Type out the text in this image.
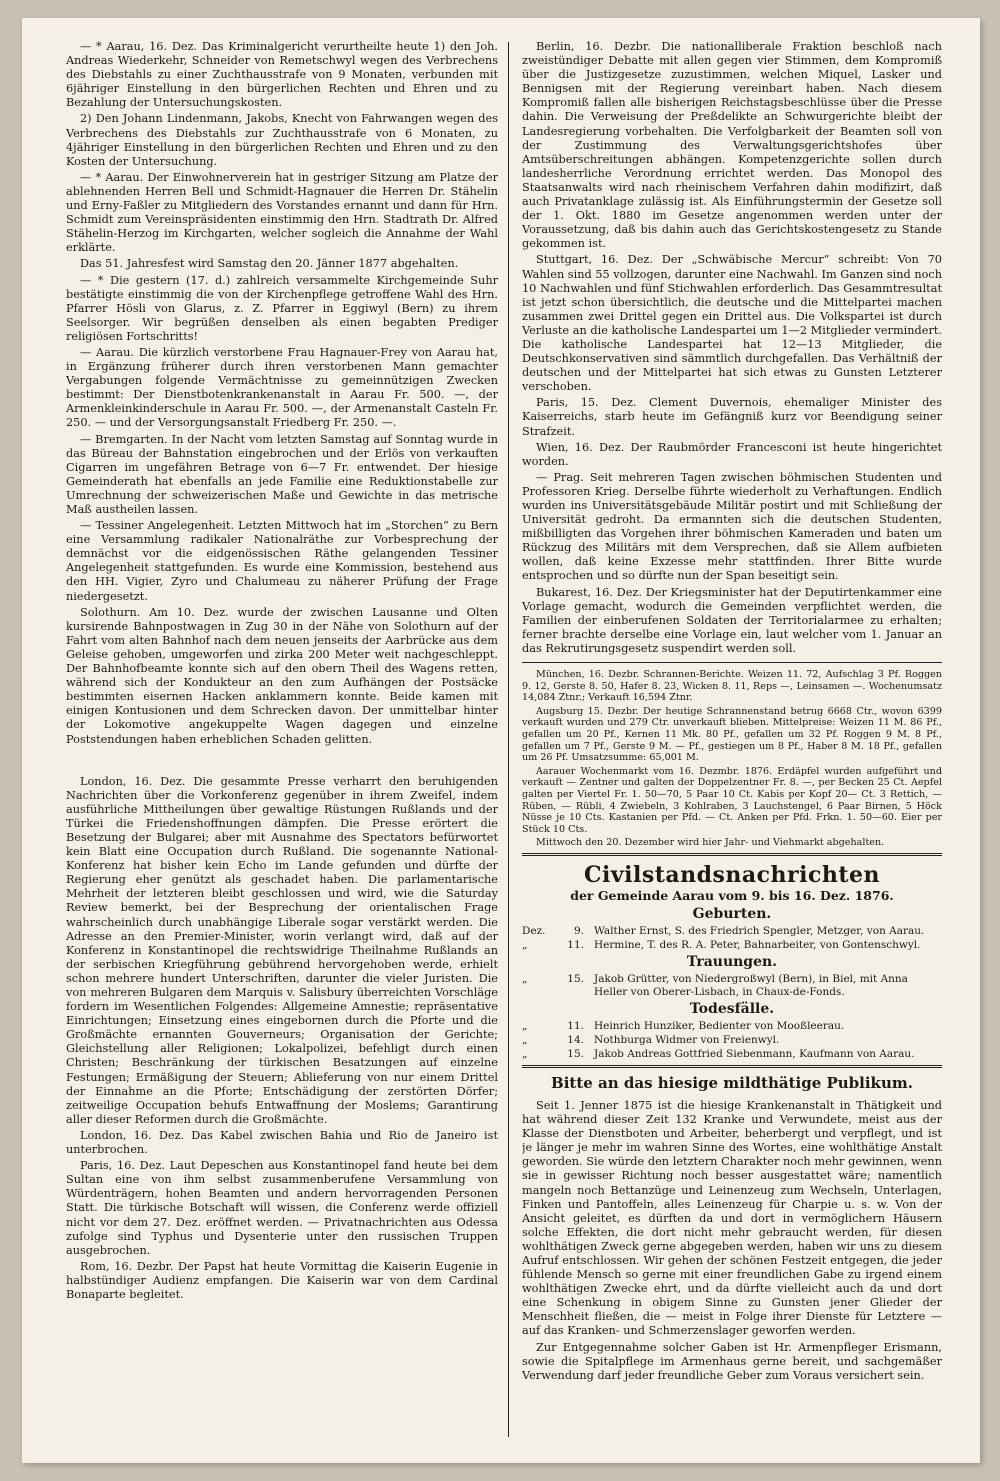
— * Aarau, 16. Dez. Das Kriminalgericht verurtheilte heute 1) den Joh. Andreas Wiederkehr, Schneider von Remetschwyl wegen des Verbrechens des Diebstahls zu einer Zuchthausstrafe von 9 Monaten, verbunden mit 6jähriger Einstellung in den bürgerlichen Rechten und Ehren und zu Bezahlung der Untersuchungskosten.

2) Den Johann Lindenmann, Jakobs, Knecht von Fahrwangen wegen des Verbrechens des Diebstahls zur Zuchthausstrafe von 6 Monaten, zu 4jähriger Einstellung in den bürgerlichen Rechten und Ehren und zu den Kosten der Untersuchung.

— * Aarau. Der Einwohnerverein hat in gestriger Sitzung am Platze der ablehnenden Herren Bell und Schmidt-Hagnauer die Herren Dr. Stähelin und Erny-Faßler zu Mitgliedern des Vorstandes ernannt und dann für Hrn. Schmidt zum Vereinspräsidenten einstimmig den Hrn. Stadtrath Dr. Alfred Stähelin-Herzog im Kirchgarten, welcher sogleich die Annahme der Wahl erklärte.

Das 51. Jahresfest wird Samstag den 20. Jänner 1877 abgehalten.

— * Die gestern (17. d.) zahlreich versammelte Kirchgemeinde Suhr bestätigte einstimmig die von der Kirchenpflege getroffene Wahl des Hrn. Pfarrer Hösli von Glarus, z. Z. Pfarrer in Eggiwyl (Bern) zu ihrem Seelsorger. Wir begrüßen denselben als einen begabten Prediger religiösen Fortschritts!

— Aarau. Die kürzlich verstorbene Frau Hagnauer-Frey von Aarau hat, in Ergänzung früherer durch ihren verstorbenen Mann gemachter Vergabungen folgende Vermächtnisse zu gemeinnützigen Zwecken bestimmt: Der Dienstbotenkrankenanstalt in Aarau Fr. 500. —, der Armenkleinkinderschule in Aarau Fr. 500. —, der Armenanstalt Casteln Fr. 250. — und der Versorgungsanstalt Friedberg Fr. 250. —.

— Bremgarten. In der Nacht vom letzten Samstag auf Sonntag wurde in das Büreau der Bahnstation eingebrochen und der Erlös von verkauften Cigarren im ungefähren Betrage von 6—7 Fr. entwendet. Der hiesige Gemeinderath hat ebenfalls an jede Familie eine Reduktionstabelle zur Umrechnung der schweizerischen Maße und Gewichte in das metrische Maß austheilen lassen.

— Tessiner Angelegenheit. Letzten Mittwoch hat im „Storchen“ zu Bern eine Versammlung radikaler Nationalräthe zur Vorbesprechung der demnächst vor die eidgenössischen Räthe gelangenden Tessiner Angelegenheit stattgefunden. Es wurde eine Kommission, bestehend aus den HH. Vigier, Zyro und Chalumeau zu näherer Prüfung der Frage niedergesetzt.

Solothurn. Am 10. Dez. wurde der zwischen Lausanne und Olten kursirende Bahnpostwagen in Zug 30 in der Nähe von Solothurn auf der Fahrt vom alten Bahnhof nach dem neuen jenseits der Aarbrücke aus dem Geleise gehoben, umgeworfen und zirka 200 Meter weit nachgeschleppt. Der Bahnhofbeamte konnte sich auf den obern Theil des Wagens retten, während sich der Kondukteur an den zum Aufhängen der Postsäcke bestimmten eisernen Hacken anklammern konnte. Beide kamen mit einigen Kontusionen und dem Schrecken davon. Der unmittelbar hinter der Lokomotive angekuppelte Wagen dagegen und einzelne Poststendungen haben erheblichen Schaden gelitten.

London, 16. Dez. Die gesammte Presse verharrt den beruhigenden Nachrichten über die Vorkonferenz gegenüber in ihrem Zweifel, indem ausführliche Mittheilungen über gewaltige Rüstungen Rußlands und der Türkei die Friedenshoffnungen dämpfen. Die Presse erörtert die Besetzung der Bulgarei; aber mit Ausnahme des Spectators befürwortet kein Blatt eine Occupation durch Rußland. Die sogenannte National-Konferenz hat bisher kein Echo im Lande gefunden und dürfte der Regierung eher genützt als geschadet haben. Die parlamentarische Mehrheit der letzteren bleibt geschlossen und wird, wie die Saturday Review bemerkt, bei der Besprechung der orientalischen Frage wahrscheinlich durch unabhängige Liberale sogar verstärkt werden. Die Adresse an den Premier-Minister, worin verlangt wird, daß auf der Konferenz in Konstantinopel die rechtswidrige Theilnahme Rußlands an der serbischen Kriegführung gebührend hervorgehoben werde, erhielt schon mehrere hundert Unterschriften, darunter die vieler Juristen. Die von mehreren Bulgaren dem Marquis v. Salisbury überreichten Vorschläge fordern im Wesentlichen Folgendes: Allgemeine Amnestie; repräsentative Einrichtungen; Einsetzung eines eingebornen durch die Pforte und die Großmächte ernannten Gouverneurs; Organisation der Gerichte; Gleichstellung aller Religionen; Lokalpolizei, befehligt durch einen Christen; Beschränkung der türkischen Besatzungen auf einzelne Festungen; Ermäßigung der Steuern; Ablieferung von nur einem Drittel der Einnahme an die Pforte; Entschädigung der zerstörten Dörfer; zeitweilige Occupation behufs Entwaffnung der Moslems; Garantirung aller dieser Reformen durch die Großmächte.

London, 16. Dez. Das Kabel zwischen Bahia und Rio de Janeiro ist unterbrochen.

Paris, 16. Dez. Laut Depeschen aus Konstantinopel fand heute bei dem Sultan eine von ihm selbst zusammenberufene Versammlung von Würdenträgern, hohen Beamten und andern hervorragenden Personen Statt. Die türkische Botschaft will wissen, die Conferenz werde offiziell nicht vor dem 27. Dez. eröffnet werden. — Privatnachrichten aus Odessa zufolge sind Typhus und Dysenterie unter den russischen Truppen ausgebrochen.

Rom, 16. Dezbr. Der Papst hat heute Vormittag die Kaiserin Eugenie in halbstündiger Audienz empfangen. Die Kaiserin war von dem Cardinal Bonaparte begleitet.

Berlin, 16. Dezbr. Die nationalliberale Fraktion beschloß nach zweistündiger Debatte mit allen gegen vier Stimmen, dem Kompromiß über die Justizgesetze zuzustimmen, welchen Miquel, Lasker und Bennigsen mit der Regierung vereinbart haben. Nach diesem Kompromiß fallen alle bisherigen Reichstagsbeschlüsse über die Presse dahin. Die Verweisung der Preßdelikte an Schwurgerichte bleibt der Landesregierung vorbehalten. Die Verfolgbarkeit der Beamten soll von der Zustimmung des Verwaltungsgerichtshofes über Amtsüberschreitungen abhängen. Kompetenzgerichte sollen durch landesherrliche Verordnung errichtet werden. Das Monopol des Staatsanwalts wird nach rheinischem Verfahren dahin modifizirt, daß auch Privatanklage zulässig ist. Als Einführungstermin der Gesetze soll der 1. Okt. 1880 im Gesetze angenommen werden unter der Voraussetzung, daß bis dahin auch das Gerichtskostengesetz zu Stande gekommen ist.

Stuttgart, 16. Dez. Der „Schwäbische Mercur“ schreibt: Von 70 Wahlen sind 55 vollzogen, darunter eine Nachwahl. Im Ganzen sind noch 10 Nachwahlen und fünf Stichwahlen erforderlich. Das Gesammtresultat ist jetzt schon übersichtlich, die deutsche und die Mittelpartei machen zusammen zwei Drittel gegen ein Drittel aus. Die Volkspartei ist durch Verluste an die katholische Landespartei um 1—2 Mitglieder vermindert. Die katholische Landespartei hat 12—13 Mitglieder, die Deutschkonservativen sind sämmtlich durchgefallen. Das Verhältniß der deutschen und der Mittelpartei hat sich etwas zu Gunsten Letzterer verschoben.

Paris, 15. Dez. Clement Duvernois, ehemaliger Minister des Kaiserreichs, starb heute im Gefängniß kurz vor Beendigung seiner Strafzeit.

Wien, 16. Dez. Der Raubmörder Francesconi ist heute hingerichtet worden.

— Prag. Seit mehreren Tagen zwischen böhmischen Studenten und Professoren Krieg. Derselbe führte wiederholt zu Verhaftungen. Endlich wurden ins Universitätsgebäude Militär postirt und mit Schließung der Universität gedroht. Da ermannten sich die deutschen Studenten, mißbilligten das Vorgehen ihrer böhmischen Kameraden und baten um Rückzug des Militärs mit dem Versprechen, daß sie Allem aufbieten wollen, daß keine Exzesse mehr stattfinden. Ihrer Bitte wurde entsprochen und so dürfte nun der Span beseitigt sein.

Bukarest, 16. Dez. Der Kriegsminister hat der Deputirtenkammer eine Vorlage gemacht, wodurch die Gemeinden verpflichtet werden, die Familien der einberufenen Soldaten der Territorialarmee zu erhalten; ferner brachte derselbe eine Vorlage ein, laut welcher vom 1. Januar an das Rekrutirungsgesetz suspendirt werden soll.

München, 16. Dezbr. Schrannen-Berichte. Weizen 11. 72, Aufschlag 3 Pf. Roggen 9. 12, Gerste 8. 50, Hafer 8. 23, Wicken 8. 11, Reps —, Leinsamen —. Wochenumsatz 14,084 Ztnr.; Verkauft 16,594 Ztnr.

Augsburg 15. Dezbr. Der heutige Schrannenstand betrug 6668 Ctr., wovon 6399 verkauft wurden und 279 Ctr. unverkauft blieben. Mittelpreise: Weizen 11 M. 86 Pf., gefallen um 20 Pf., Kernen 11 Mk. 80 Pf., gefallen um 32 Pf. Roggen 9 M. 8 Pf., gefallen um 7 Pf., Gerste 9 M. — Pf., gestiegen um 8 Pf., Haber 8 M. 18 Pf., gefallen um 26 Pf. Umsatzsumme: 65,001 M.

Aarauer Wochenmarkt vom 16. Dezmbr. 1876. Erdäpfel wurden aufgeführt und verkauft — Zentner und galten der Doppelzentner Fr. 8. —, per Becken 25 Ct. Aepfel galten per Viertel Fr. 1. 50—70, 5 Paar 10 Ct. Kabis per Kopf 20— Ct. 3 Rettich, — Rüben, — Rübli, 4 Zwiebeln, 3 Kohlraben, 3 Lauchstengel, 6 Paar Birnen, 5 Höck Nüsse je 10 Cts. Kastanien per Pfd. — Ct. Anken per Pfd. Frkn. 1. 50—60. Eier per Stück 10 Cts.

Mittwoch den 20. Dezember wird hier Jahr- und Viehmarkt abgehalten.

Civilstandsnachrichten
der Gemeinde Aarau vom 9. bis 16. Dez. 1876.
Geburten.
Dez.	9. Walther Ernst, S. des Friedrich Spengler, Metzger, von Aarau.
„	11. Hermine, T. des R. A. Peter, Bahnarbeiter, von Gontenschwyl.
Trauungen.
„	15. Jakob Grütter, von Niedergroßwyl (Bern), in Biel, mit Anna Heller von Oberer-Lisbach, in Chaux-de-Fonds.
Todesfälle.
„	11. Heinrich Hunziker, Bedienter von Mooßleerau.
„	14. Nothburga Widmer von Freienwyl.
„	15. Jakob Andreas Gottfried Siebenmann, Kaufmann von Aarau.
Bitte an das hiesige mildthätige Publikum.

Seit 1. Jenner 1875 ist die hiesige Krankenanstalt in Thätigkeit und hat während dieser Zeit 132 Kranke und Verwundete, meist aus der Klasse der Dienstboten und Arbeiter, beherbergt und verpflegt, und ist je länger je mehr im wahren Sinne des Wortes, eine wohlthätige Anstalt geworden. Sie würde den letztern Charakter noch mehr gewinnen, wenn sie in gewisser Richtung noch besser ausgestattet wäre; namentlich mangeln noch Bettanzüge und Leinenzeug zum Wechseln, Unterlagen, Finken und Pantoffeln, alles Leinenzeug für Charpie u. s. w. Von der Ansicht geleitet, es dürften da und dort in vermöglichern Häusern solche Effekten, die dort nicht mehr gebraucht werden, für diesen wohlthätigen Zweck gerne abgegeben werden, haben wir uns zu diesem Aufruf entschlossen. Wir gehen der schönen Festzeit entgegen, die jeder fühlende Mensch so gerne mit einer freundlichen Gabe zu irgend einem wohlthätigen Zwecke ehrt, und da dürfte vielleicht auch da und dort eine Schenkung in obigem Sinne zu Gunsten jener Glieder der Menschheit fließen, die — meist in Folge ihrer Dienste für Letztere — auf das Kranken- und Schmerzenslager geworfen werden.

Zur Entgegennahme solcher Gaben ist Hr. Armenpfleger Erismann, sowie die Spitalpflege im Armenhaus gerne bereit, und sachgemäßer Verwendung darf jeder freundliche Geber zum Voraus versichert sein.
